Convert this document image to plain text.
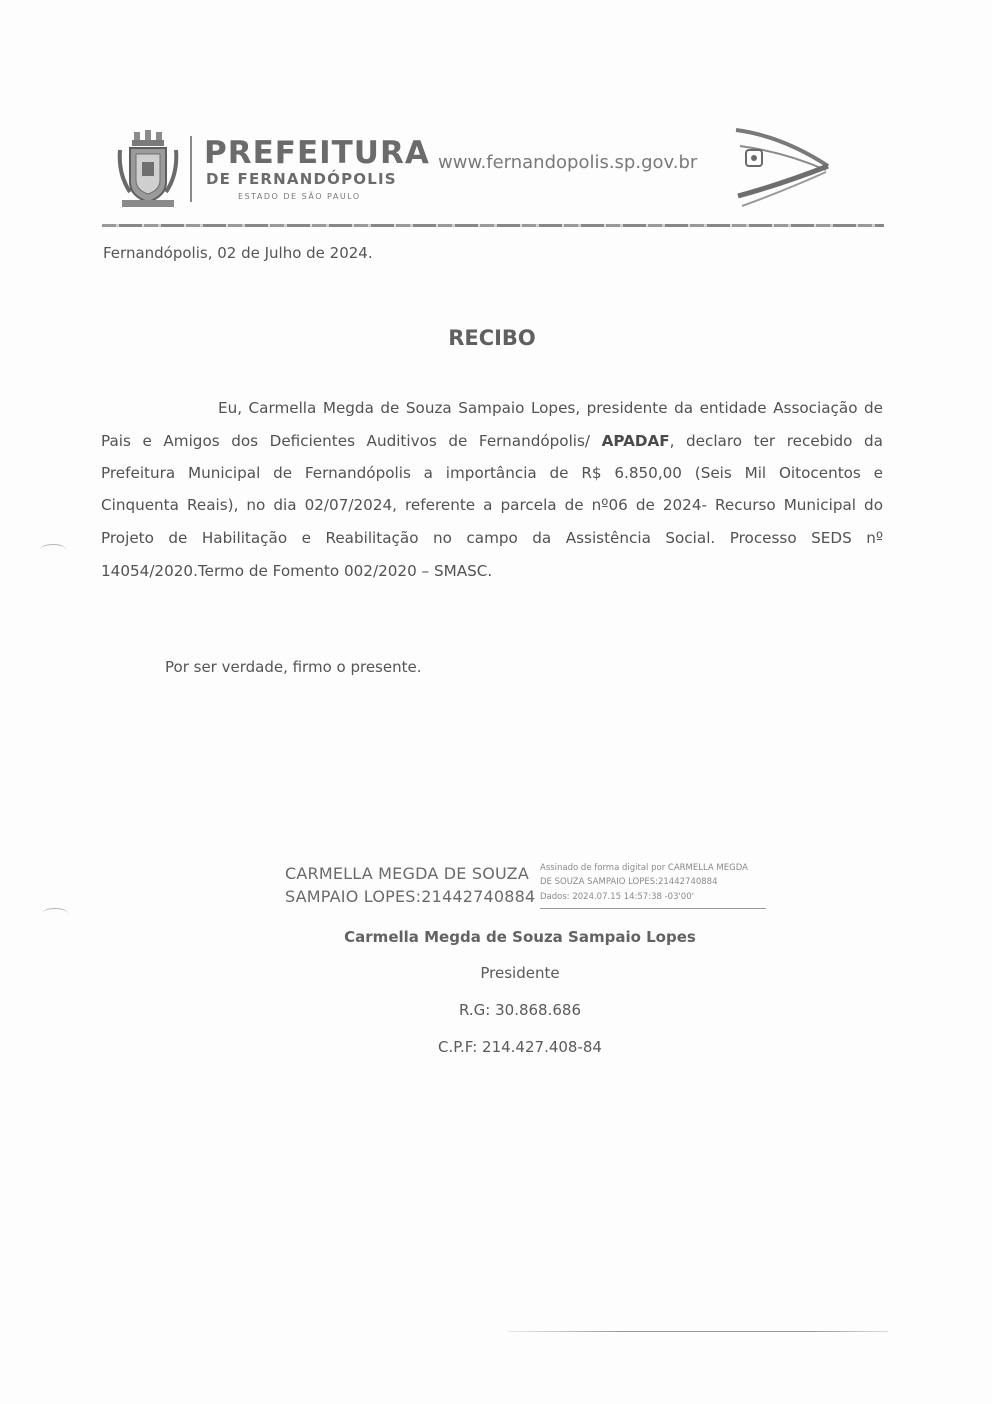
PREFEITURA
DE FERNANDÓPOLIS
ESTADO DE SÃO PAULO
www.fernandopolis.sp.gov.br
Fernandópolis, 02 de Julho de 2024.
RECIBO
Eu, Carmella Megda de Souza Sampaio Lopes, presidente da entidade Associação de
Pais e Amigos dos Deficientes Auditivos de Fernandópolis/ APADAF, declaro ter recebido da
Prefeitura Municipal de Fernandópolis a importância de R$ 6.850,00 (Seis Mil Oitocentos e
Cinquenta Reais), no dia 02/07/2024, referente a parcela de nº06 de 2024- Recurso Municipal do
Projeto de Habilitação e Reabilitação no campo da Assistência Social. Processo SEDS nº
14054/2020.Termo de Fomento 002/2020 – SMASC.
Por ser verdade, firmo o presente.
CARMELLA MEGDA DE SOUZA
SAMPAIO LOPES:21442740884
Assinado de forma digital por CARMELLA MEGDA
DE SOUZA SAMPAIO LOPES:21442740884
Dados: 2024.07.15 14:57:38 -03'00'
Carmella Megda de Souza Sampaio Lopes
Presidente
R.G: 30.868.686
C.P.F: 214.427.408-84
